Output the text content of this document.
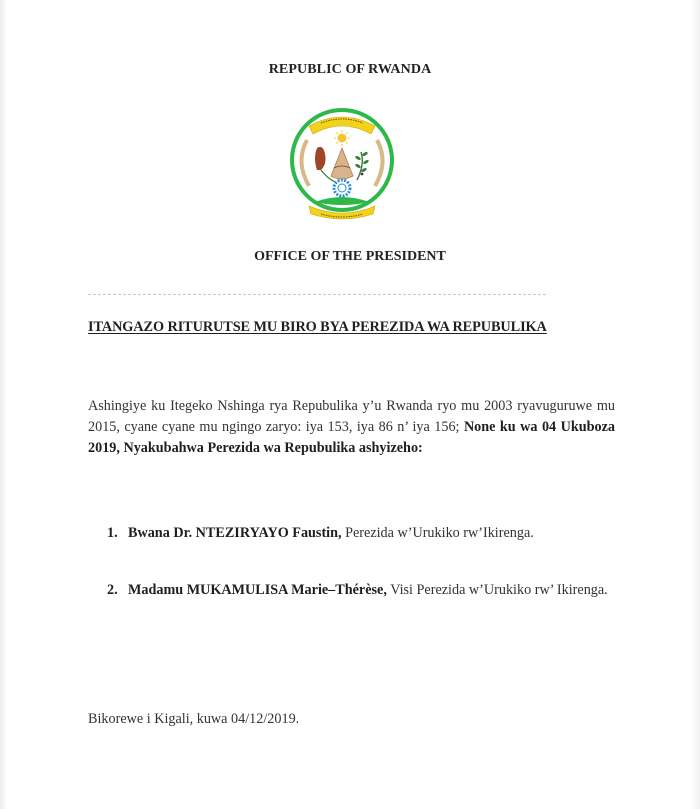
REPUBLIC OF RWANDA
OFFICE OF THE PRESIDENT
ITANGAZO RITURUTSE MU BIRO BYA PEREZIDA WA REPUBULIKA
Ashingiye ku Itegeko Nshinga rya Repubulika y’u Rwanda ryo mu 2003 ryavuguruwe mu 2015, cyane cyane mu ngingo zaryo: iya 153, iya 86 n’ iya 156; None ku wa 04 Ukuboza 2019, Nyakubahwa Perezida wa Repubulika ashyizeho:
1. Bwana Dr. NTEZIRYAYO Faustin, Perezida w’Urukiko rw’Ikirenga.
2. Madamu MUKAMULISA Marie–Thérèse, Visi Perezida w’Urukiko rw’ Ikirenga.
Bikorewe i Kigali, kuwa 04/12/2019.
